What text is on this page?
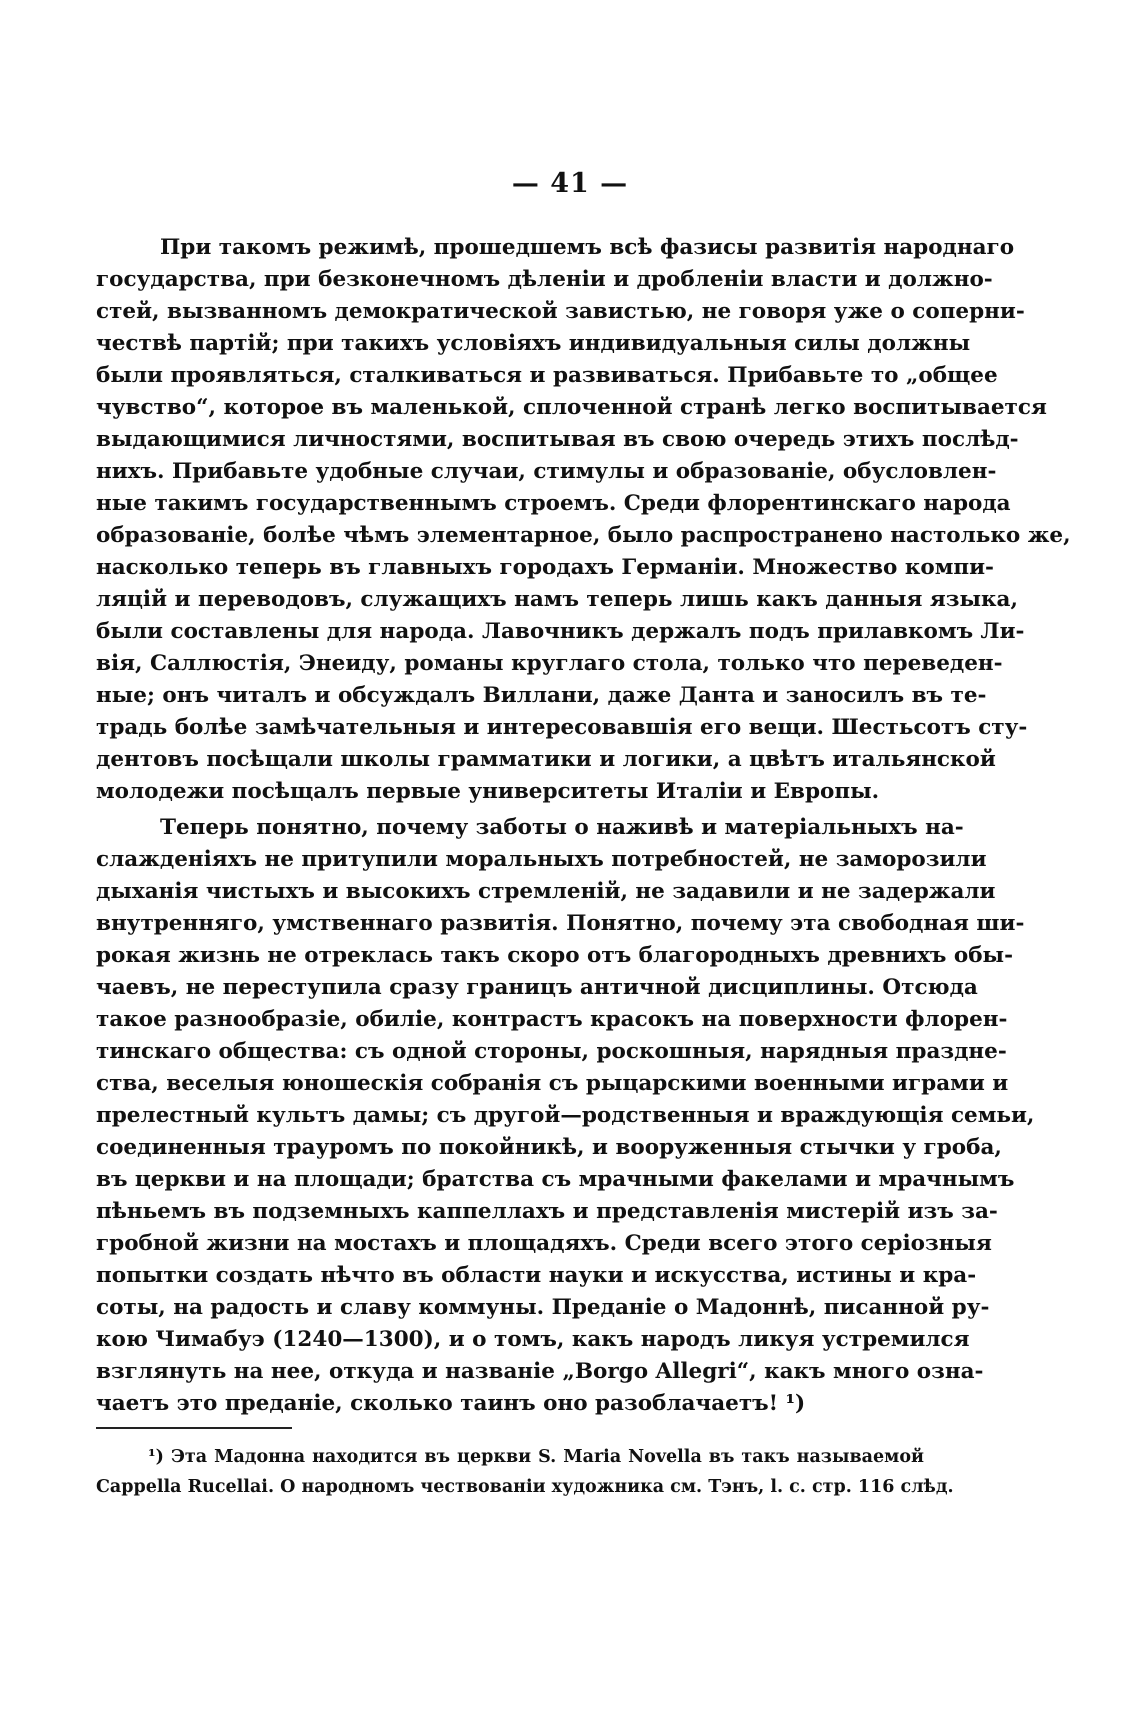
— 41 —
При такомъ режимѣ, прошедшемъ всѣ фазисы развитія народнаго
государства, при безконечномъ дѣленіи и дробленіи власти и должно-
стей, вызванномъ демократической завистью, не говоря уже о соперни-
чествѣ партій; при такихъ условіяхъ индивидуальныя силы должны
были проявляться, сталкиваться и развиваться. Прибавьте то „общее
чувство“, которое въ маленькой, сплоченной странѣ легко воспитывается
выдающимися личностями, воспитывая въ свою очередь этихъ послѣд-
нихъ. Прибавьте удобные случаи, стимулы и образованіе, обусловлен-
ные такимъ государственнымъ строемъ. Среди флорентинскаго народа
образованіе, болѣе чѣмъ элементарное, было распространено настолько же,
насколько теперь въ главныхъ городахъ Германіи. Множество компи-
ляцій и переводовъ, служащихъ намъ теперь лишь какъ данныя языка,
были составлены для народа. Лавочникъ держалъ подъ прилавкомъ Ли-
вія, Саллюстія, Энеиду, романы круглаго стола, только что переведен-
ные; онъ читалъ и обсуждалъ Виллани, даже Данта и заносилъ въ те-
традь болѣе замѣчательныя и интересовавшія его вещи. Шестьсотъ сту-
дентовъ посѣщали школы грамматики и логики, а цвѣтъ итальянской
молодежи посѣщалъ первые университеты Италіи и Европы.
Теперь понятно, почему заботы о наживѣ и матеріальныхъ на-
слажденіяхъ не притупили моральныхъ потребностей, не заморозили
дыханія чистыхъ и высокихъ стремленій, не задавили и не задержали
внутренняго, умственнаго развитія. Понятно, почему эта свободная ши-
рокая жизнь не отреклась такъ скоро отъ благородныхъ древнихъ обы-
чаевъ, не переступила сразу границъ античной дисциплины. Отсюда
такое разнообразіе, обиліе, контрастъ красокъ на поверхности флорен-
тинскаго общества: съ одной стороны, роскошныя, нарядныя праздне-
ства, веселыя юношескія собранія съ рыцарскими военными играми и
прелестный культъ дамы; съ другой—родственныя и враждующія семьи,
соединенныя трауромъ по покойникѣ, и вооруженныя стычки у гроба,
въ церкви и на площади; братства съ мрачными факелами и мрачнымъ
пѣньемъ въ подземныхъ каппеллахъ и представленія мистерій изъ за-
гробной жизни на мостахъ и площадяхъ. Среди всего этого серіозныя
попытки создать нѣчто въ области науки и искусства, истины и кра-
соты, на радость и славу коммуны. Преданіе о Мадоннѣ, писанной ру-
кою Чимабуэ (1240—1300), и о томъ, какъ народъ ликуя устремился
взглянуть на нее, откуда и названіе „Borgo Allegri“, какъ много озна-
чаетъ это преданіе, сколько таинъ оно разоблачаетъ! ¹)
¹) Эта Мадонна находится въ церкви S. Maria Novella въ такъ называемой
Cappella Rucellai. О народномъ чествованіи художника см. Тэнъ, l. c. стр. 116 слѣд.
